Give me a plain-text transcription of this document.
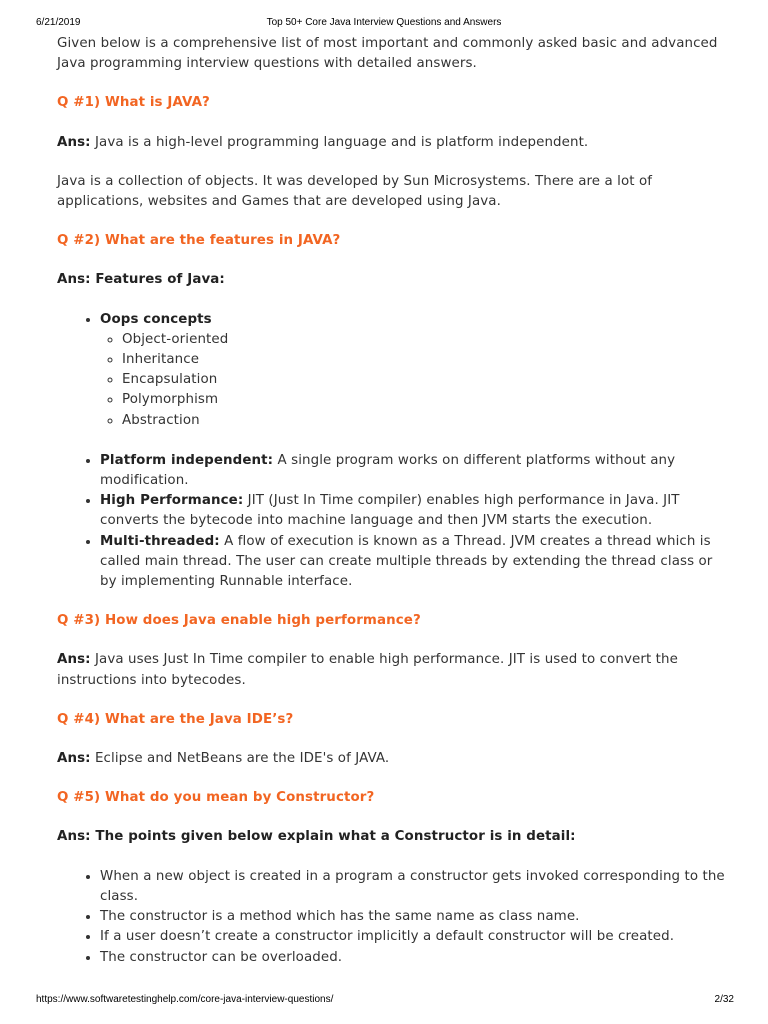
6/21/2019	Top 50+ Core Java Interview Questions and Answers

Given below is a comprehensive list of most important and commonly asked basic and advanced Java programming interview questions with detailed answers.

Q #1) What is JAVA?

Ans: Java is a high-level programming language and is platform independent.

Java is a collection of objects. It was developed by Sun Microsystems. There are a lot of applications, websites and Games that are developed using Java.

Q #2) What are the features in JAVA?

Ans: Features of Java:

• Oops concepts
◦ Object-oriented
◦ Inheritance
◦ Encapsulation
◦ Polymorphism
◦ Abstraction
• Platform independent: A single program works on different platforms without any modification.
• High Performance: JIT (Just In Time compiler) enables high performance in Java. JIT converts the bytecode into machine language and then JVM starts the execution.
• Multi-threaded: A flow of execution is known as a Thread. JVM creates a thread which is called main thread. The user can create multiple threads by extending the thread class or by implementing Runnable interface.

Q #3) How does Java enable high performance?

Ans: Java uses Just In Time compiler to enable high performance. JIT is used to convert the instructions into bytecodes.

Q #4) What are the Java IDE’s?

Ans: Eclipse and NetBeans are the IDE's of JAVA.

Q #5) What do you mean by Constructor?

Ans: The points given below explain what a Constructor is in detail:

• When a new object is created in a program a constructor gets invoked corresponding to the class.
• The constructor is a method which has the same name as class name.
• If a user doesn’t create a constructor implicitly a default constructor will be created.
• The constructor can be overloaded.
https://www.softwaretestinghelp.com/core-java-interview-questions/	2/32
